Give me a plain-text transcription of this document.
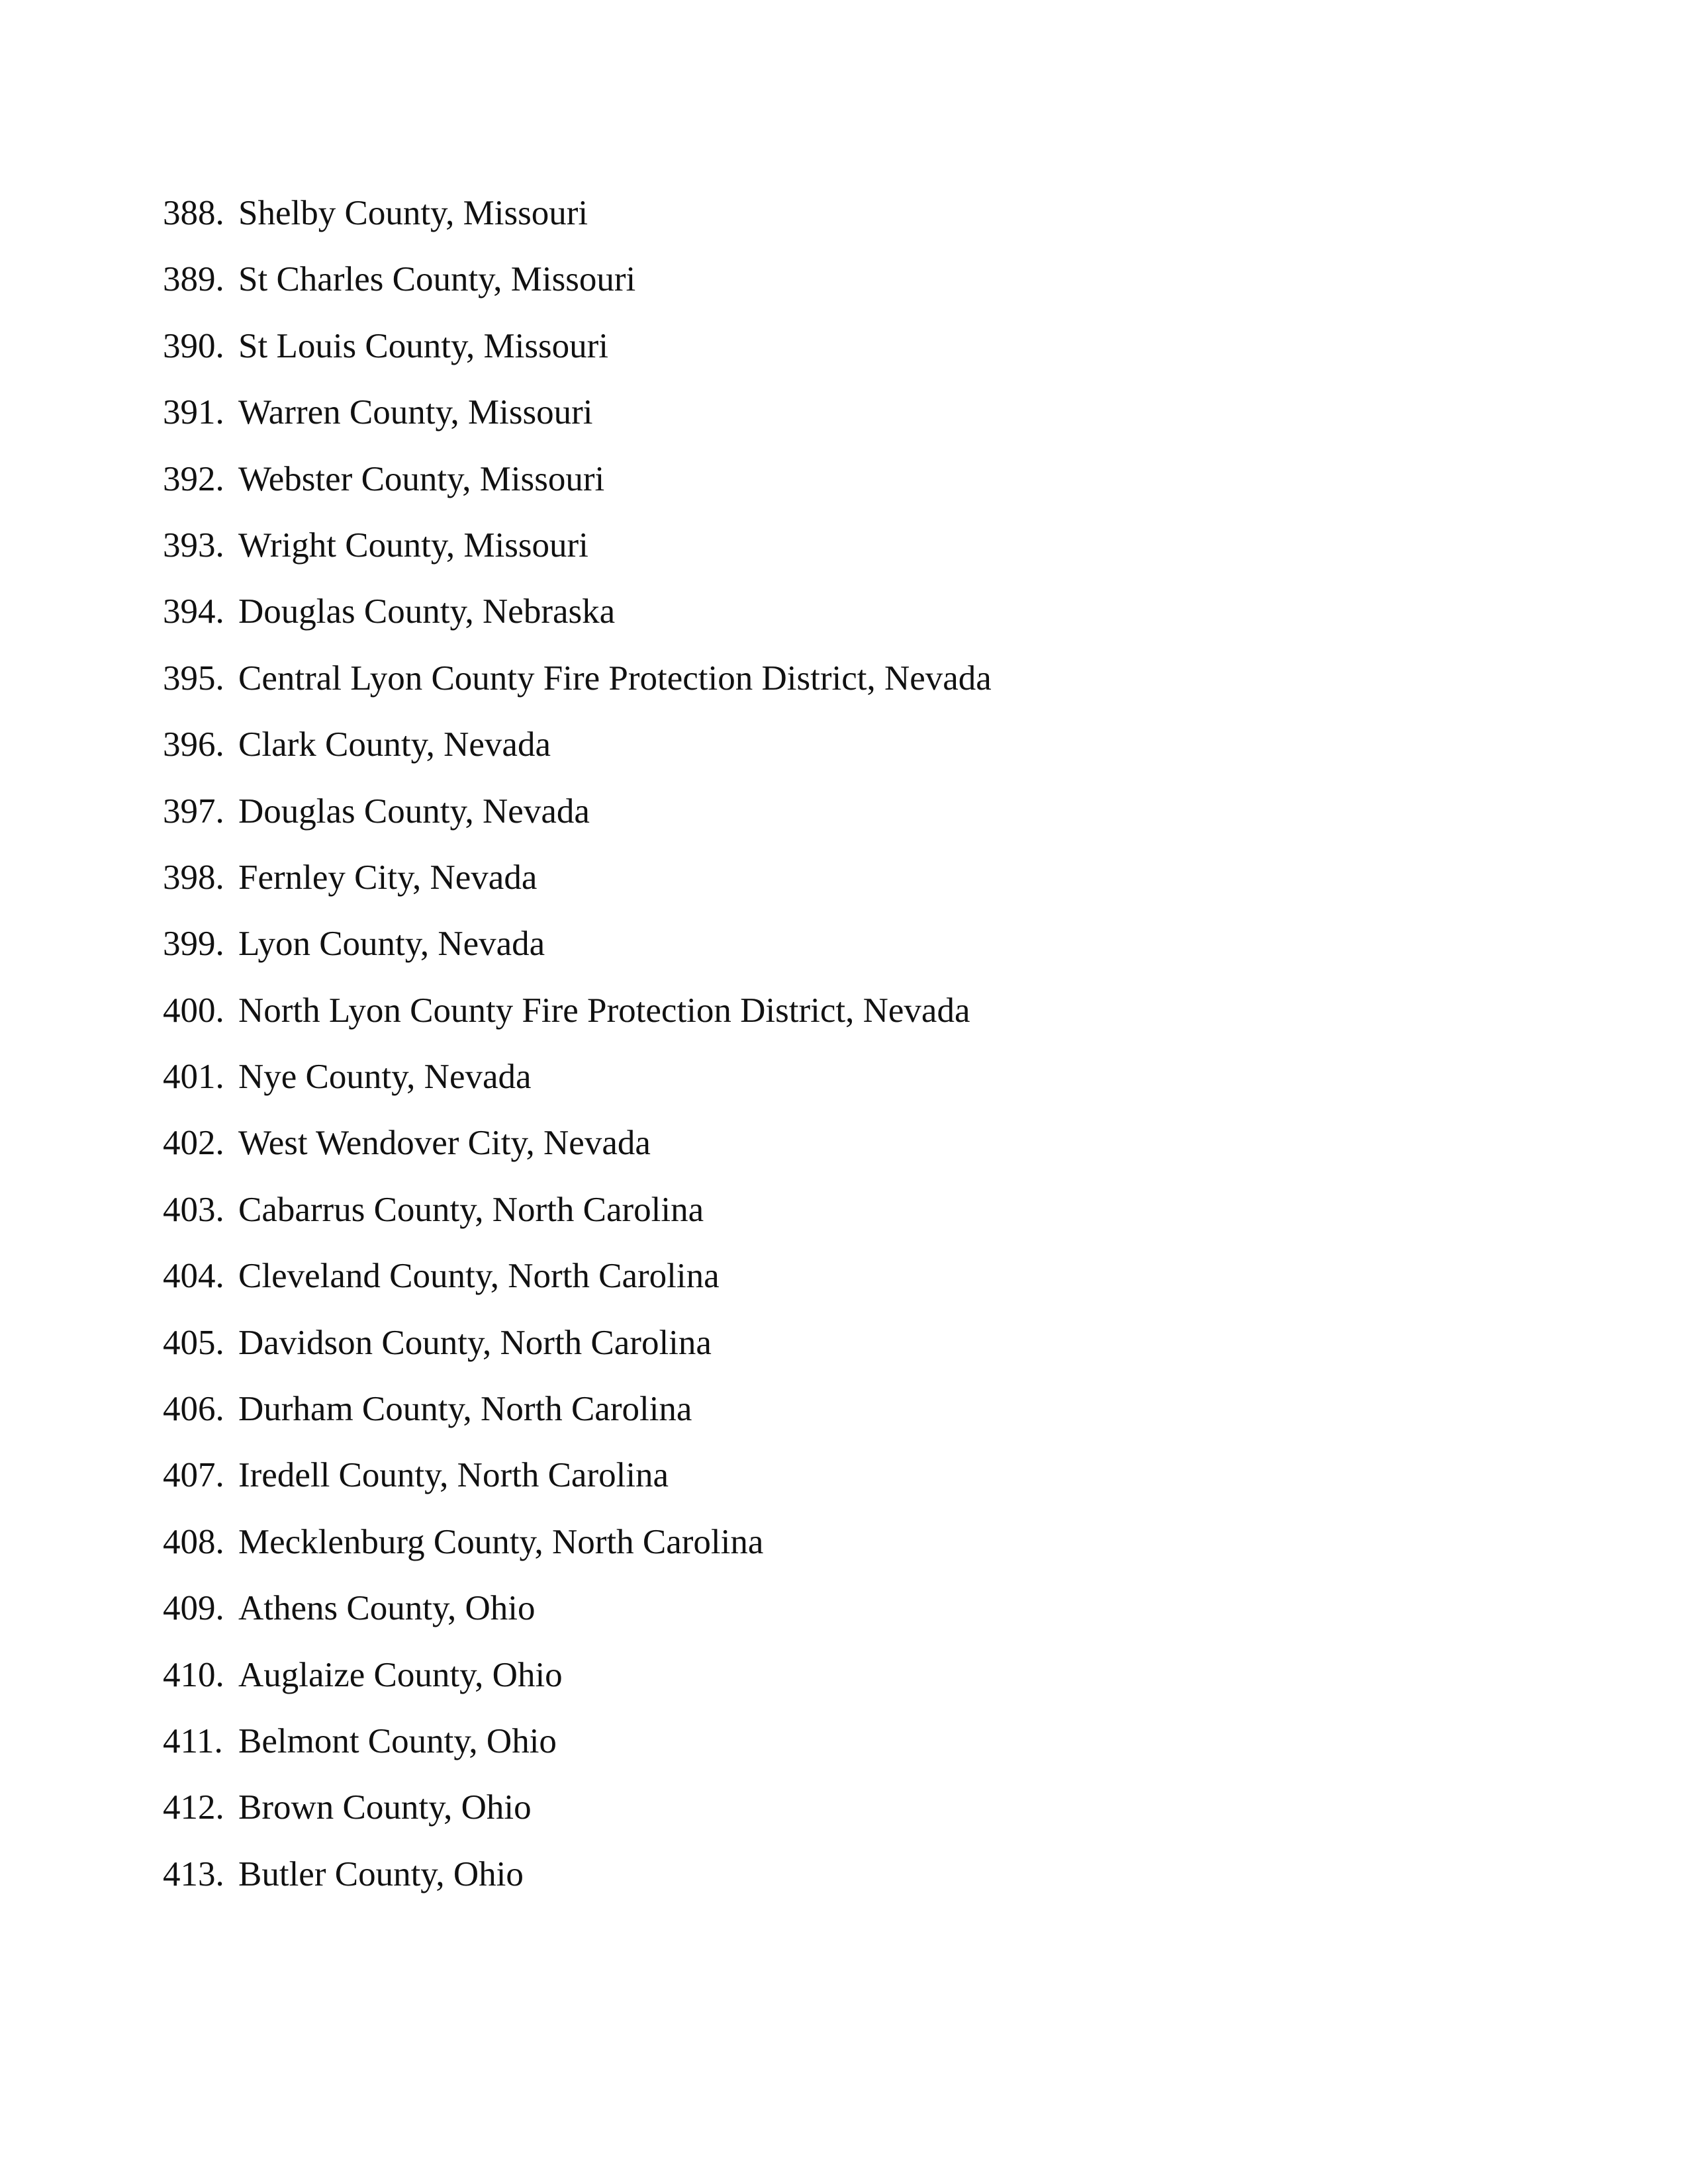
388. Shelby County, Missouri
389. St Charles County, Missouri
390. St Louis County, Missouri
391. Warren County, Missouri
392. Webster County, Missouri
393. Wright County, Missouri
394. Douglas County, Nebraska
395. Central Lyon County Fire Protection District, Nevada
396. Clark County, Nevada
397. Douglas County, Nevada
398. Fernley City, Nevada
399. Lyon County, Nevada
400. North Lyon County Fire Protection District, Nevada
401. Nye County, Nevada
402. West Wendover City, Nevada
403. Cabarrus County, North Carolina
404. Cleveland County, North Carolina
405. Davidson County, North Carolina
406. Durham County, North Carolina
407. Iredell County, North Carolina
408. Mecklenburg County, North Carolina
409. Athens County, Ohio
410. Auglaize County, Ohio
411. Belmont County, Ohio
412. Brown County, Ohio
413. Butler County, Ohio
